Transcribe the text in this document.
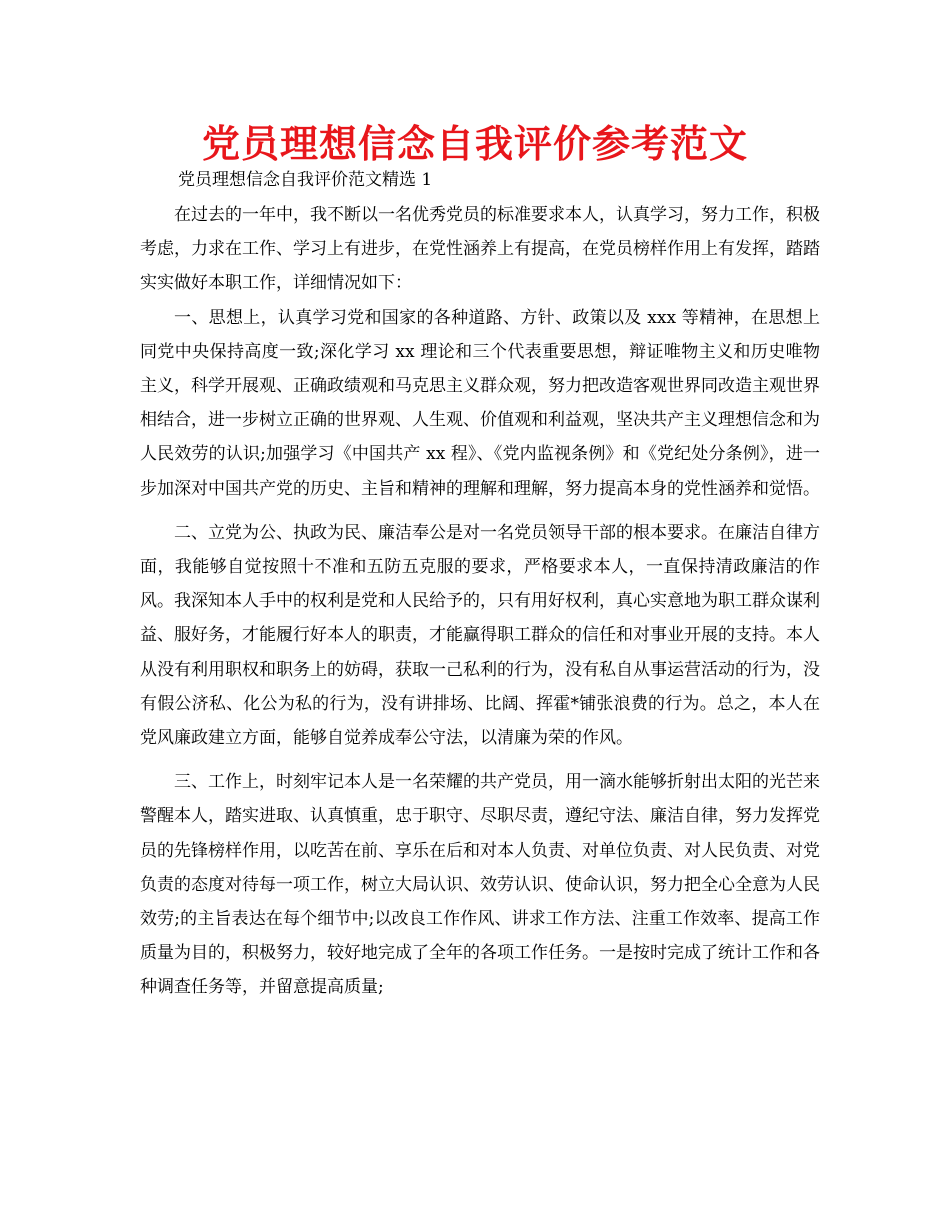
党员理想信念自我评价参考范文

党员理想信念自我评价范文精选 1

在过去的一年中，我不断以一名优秀党员的标准要求本人，认真学习，努力工作，积极考虑，力求在工作、学习上有进步，在党性涵养上有提高，在党员榜样作用上有发挥，踏踏实实做好本职工作，详细情况如下：

一、思想上，认真学习党和国家的各种道路、方针、政策以及 xxx 等精神，在思想上同党中央保持高度一致;深化学习 xx 理论和三个代表重要思想，辩证唯物主义和历史唯物主义，科学开展观、正确政绩观和马克思主义群众观，努力把改造客观世界同改造主观世界相结合，进一步树立正确的世界观、人生观、价值观和利益观，坚决共产主义理想信念和为人民效劳的认识;加强学习《中国共产 xx 程》、《党内监视条例》和《党纪处分条例》，进一步加深对中国共产党的历史、主旨和精神的理解和理解，努力提高本身的党性涵养和觉悟。

二、立党为公、执政为民、廉洁奉公是对一名党员领导干部的根本要求。在廉洁自律方面，我能够自觉按照十不准和五防五克服的要求，严格要求本人，一直保持清政廉洁的作风。我深知本人手中的权利是党和人民给予的，只有用好权利，真心实意地为职工群众谋利益、服好务，才能履行好本人的职责，才能赢得职工群众的信任和对事业开展的支持。本人从没有利用职权和职务上的妨碍，获取一己私利的行为，没有私自从事运营活动的行为，没有假公济私、化公为私的行为，没有讲排场、比阔、挥霍*铺张浪费的行为。总之，本人在党风廉政建立方面，能够自觉养成奉公守法，以清廉为荣的作风。

三、工作上，时刻牢记本人是一名荣耀的共产党员，用一滴水能够折射出太阳的光芒来警醒本人，踏实进取、认真慎重，忠于职守、尽职尽责，遵纪守法、廉洁自律，努力发挥党员的先锋榜样作用，以吃苦在前、享乐在后和对本人负责、对单位负责、对人民负责、对党负责的态度对待每一项工作，树立大局认识、效劳认识、使命认识，努力把全心全意为人民效劳;的主旨表达在每个细节中;以改良工作作风、讲求工作方法、注重工作效率、提高工作质量为目的，积极努力，较好地完成了全年的各项工作任务。一是按时完成了统计工作和各种调查任务等，并留意提高质量;
